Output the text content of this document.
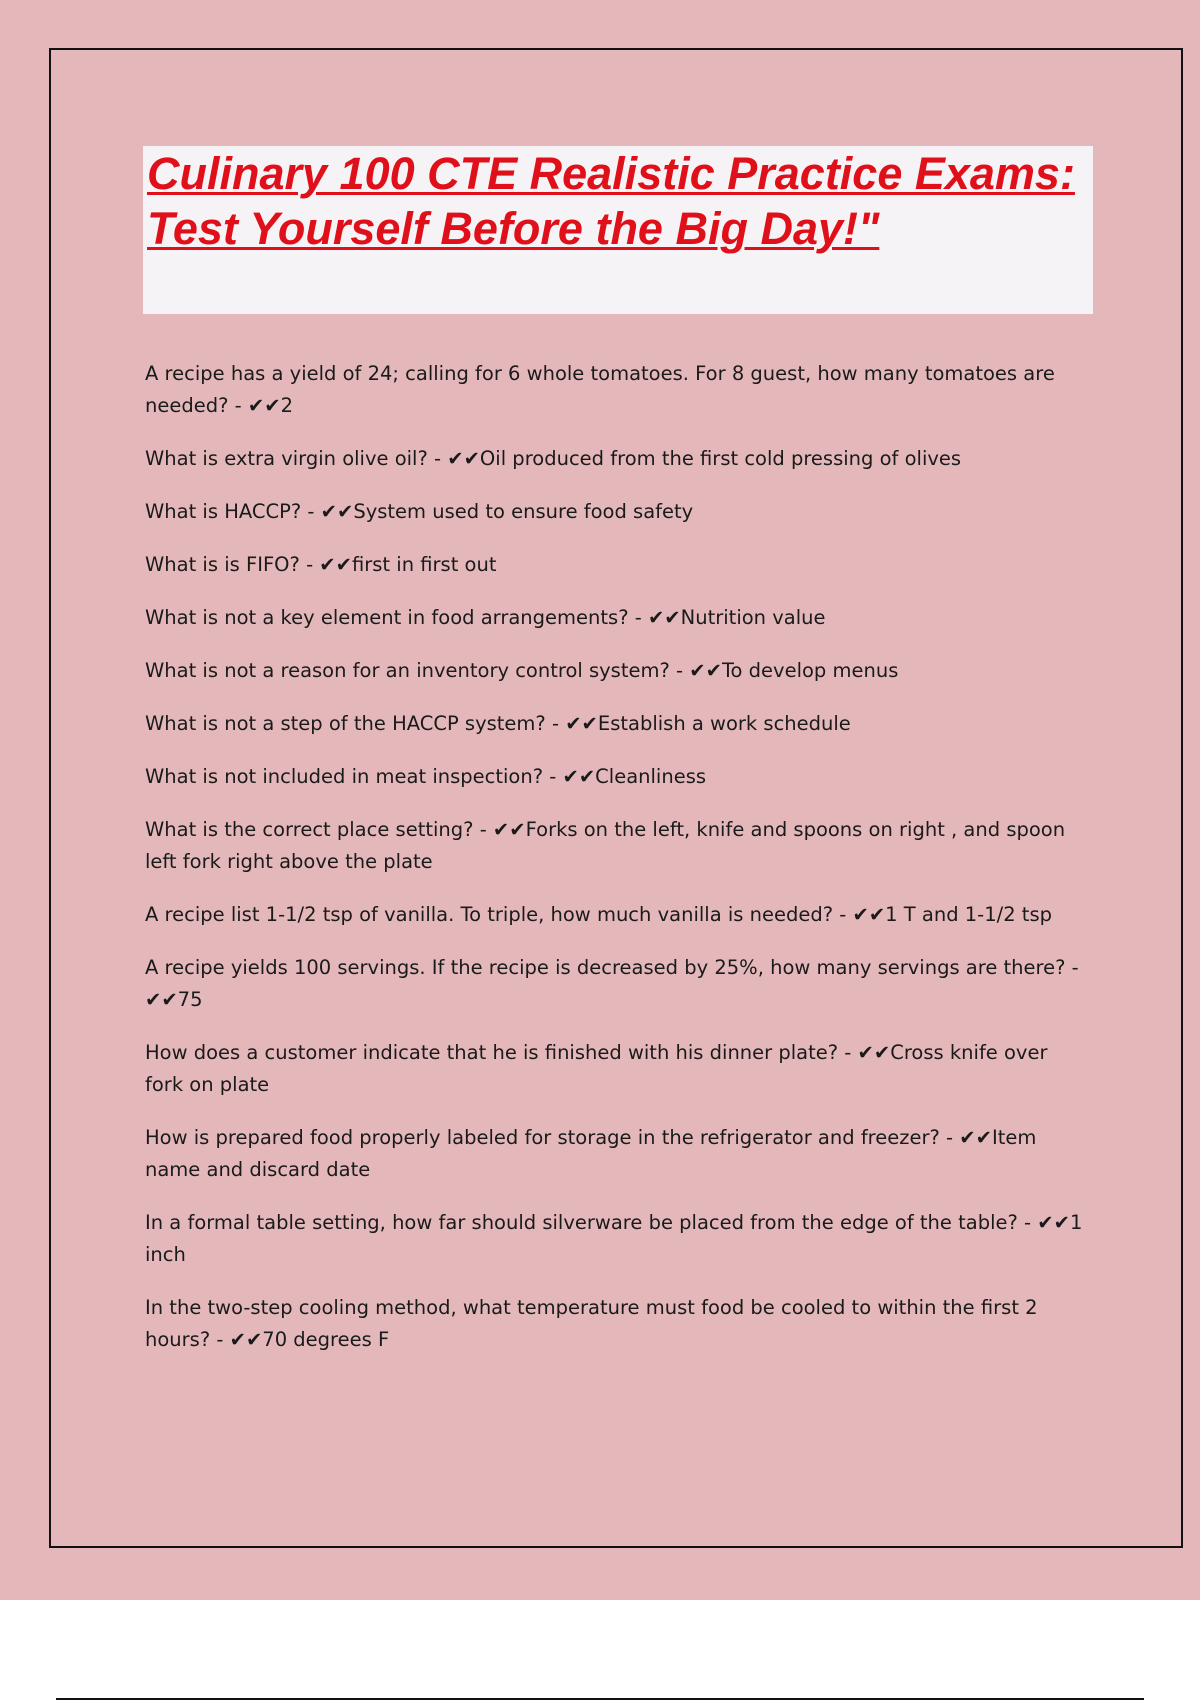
Culinary 100 CTE Realistic Practice Exams: Test Yourself Before the Big Day!"
A recipe has a yield of 24; calling for 6 whole tomatoes. For 8 guest, how many tomatoes are needed? - ✔✔2
What is extra virgin olive oil? - ✔✔Oil produced from the first cold pressing of olives
What is HACCP? - ✔✔System used to ensure food safety
What is is FIFO? - ✔✔first in first out
What is not a key element in food arrangements? - ✔✔Nutrition value
What is not a reason for an inventory control system? - ✔✔To develop menus
What is not a step of the HACCP system? - ✔✔Establish a work schedule
What is not included in meat inspection? - ✔✔Cleanliness
What is the correct place setting? - ✔✔Forks on the left, knife and spoons on right , and spoon left fork right above the plate
A recipe list 1-1/2 tsp of vanilla. To triple, how much vanilla is needed? - ✔✔1 T and 1-1/2 tsp
A recipe yields 100 servings. If the recipe is decreased by 25%, how many servings are there? - ✔✔75
How does a customer indicate that he is finished with his dinner plate? - ✔✔Cross knife over fork on plate
How is prepared food properly labeled for storage in the refrigerator and freezer? - ✔✔Item name and discard date
In a formal table setting, how far should silverware be placed from the edge of the table? - ✔✔1 inch
In the two-step cooling method, what temperature must food be cooled to within the first 2 hours? - ✔✔70 degrees F
